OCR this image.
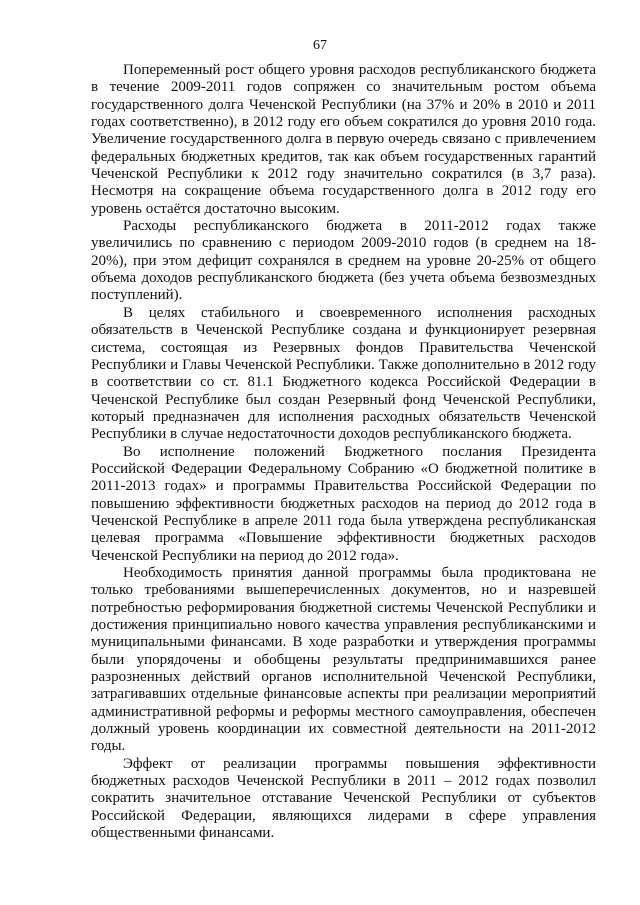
67

Попеременный рост общего уровня расходов республиканского бюджета в течение 2009-2011 годов сопряжен со значительным ростом объема государственного долга Чеченской Республики (на 37% и 20% в 2010 и 2011 годах соответственно), в 2012 году его объем сократился до уровня 2010 года. Увеличение государственного долга в первую очередь связано с привлечением федеральных бюджетных кредитов, так как объем государственных гарантий Чеченской Республики к 2012 году значительно сократился (в 3,7 раза). Несмотря на сокращение объема государственного долга в 2012 году его уровень остаётся достаточно высоким.

Расходы республиканского бюджета в 2011-2012 годах также увеличились по сравнению с периодом 2009-2010 годов (в среднем на 18-20%), при этом дефицит сохранялся в среднем на уровне 20-25% от общего объема доходов республиканского бюджета (без учета объема безвозмездных поступлений).

В целях стабильного и своевременного исполнения расходных обязательств в Чеченской Республике создана и функционирует резервная система, состоящая из Резервных фондов Правительства Чеченской Республики и Главы Чеченской Республики. Также дополнительно в 2012 году в соответствии со ст. 81.1 Бюджетного кодекса Российской Федерации в Чеченской Республике был создан Резервный фонд Чеченской Республики, который предназначен для исполнения расходных обязательств Чеченской Республики в случае недостаточности доходов республиканского бюджета.

Во исполнение положений Бюджетного послания Президента Российской Федерации Федеральному Собранию «О бюджетной политике в 2011-2013 годах» и программы Правительства Российской Федерации по повышению эффективности бюджетных расходов на период до 2012 года в Чеченской Республике в апреле 2011 года была утверждена республиканская целевая программа «Повышение эффективности бюджетных расходов Чеченской Республики на период до 2012 года».

Необходимость принятия данной программы была продиктована не только требованиями вышеперечисленных документов, но и назревшей потребностью реформирования бюджетной системы Чеченской Республики и достижения принципиально нового качества управления республиканскими и муниципальными финансами. В ходе разработки и утверждения программы были упорядочены и обобщены результаты предпринимавшихся ранее разрозненных действий органов исполнительной Чеченской Республики, затрагивавших отдельные финансовые аспекты при реализации мероприятий административной реформы и реформы местного самоуправления, обеспечен должный уровень координации их совместной деятельности на 2011-2012 годы.

Эффект от реализации программы повышения эффективности бюджетных расходов Чеченской Республики в 2011 – 2012 годах позволил сократить значительное отставание Чеченской Республики от субъектов Российской Федерации, являющихся лидерами в сфере управления общественными финансами.
